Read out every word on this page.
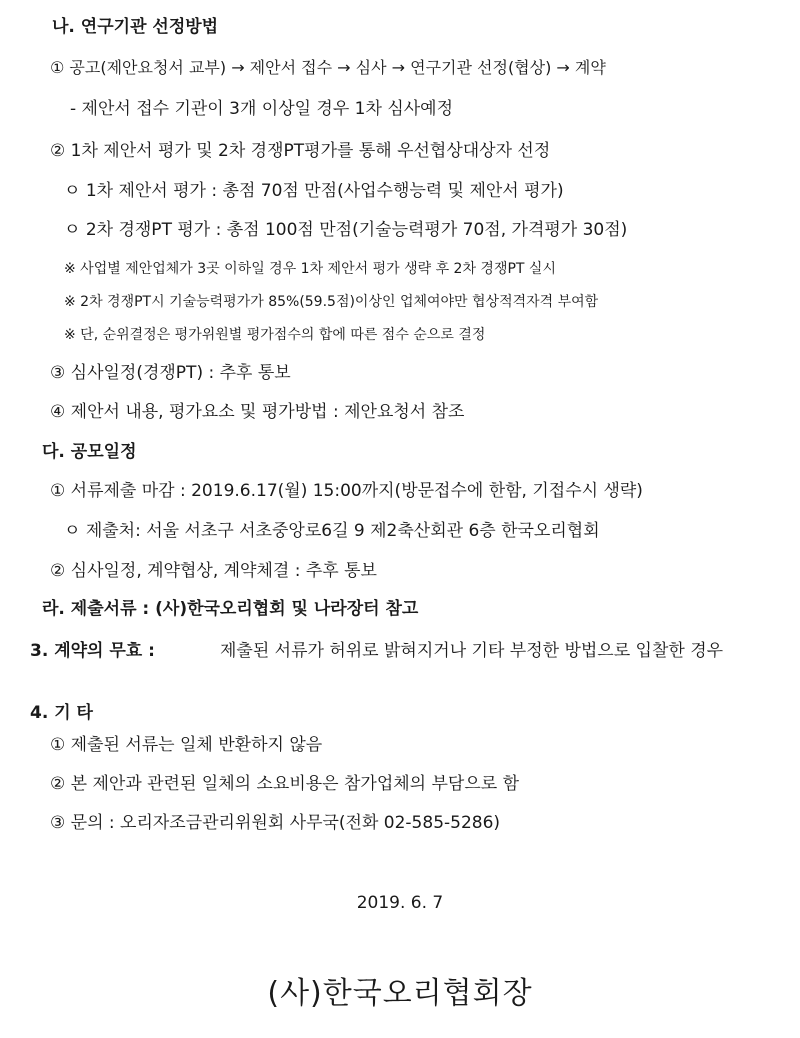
나. 연구기관 선정방법
① 공고(제안요청서 교부) → 제안서 접수 → 심사 → 연구기관 선정(협상) → 계약
- 제안서 접수 기관이 3개 이상일 경우 1차 심사예정
② 1차 제안서 평가 및 2차 경쟁PT평가를 통해 우선협상대상자 선정
ㅇ 1차 제안서 평가 : 총점 70점 만점(사업수행능력 및 제안서 평가)
ㅇ 2차 경쟁PT 평가 : 총점 100점 만점(기술능력평가 70점, 가격평가 30점)
※ 사업별 제안업체가 3곳 이하일 경우 1차 제안서 평가 생략 후 2차 경쟁PT 실시
※ 2차 경쟁PT시 기술능력평가가 85%(59.5점)이상인 업체여야만 협상적격자격 부여함
※ 단, 순위결정은 평가위원별 평가점수의 합에 따른 점수 순으로 결정
③ 심사일정(경쟁PT) : 추후 통보
④ 제안서 내용, 평가요소 및 평가방법 : 제안요청서 참조
다. 공모일정
① 서류제출 마감 : 2019.6.17(월) 15:00까지(방문접수에 한함, 기접수시 생략)
ㅇ 제출처: 서울 서초구 서초중앙로6길 9 제2축산회관 6층 한국오리협회
② 심사일정, 계약협상, 계약체결 : 추후 통보
라. 제출서류 : (사)한국오리협회 및 나라장터 참고
3. 계약의 무효 :	제출된 서류가 허위로 밝혀지거나 기타 부정한 방법으로 입찰한 경우
4. 기 타
① 제출된 서류는 일체 반환하지 않음
② 본 제안과 관련된 일체의 소요비용은 참가업체의 부담으로 함
③ 문의 : 오리자조금관리위원회 사무국(전화 02-585-5286)
2019. 6. 7
(사)한국오리협회장
